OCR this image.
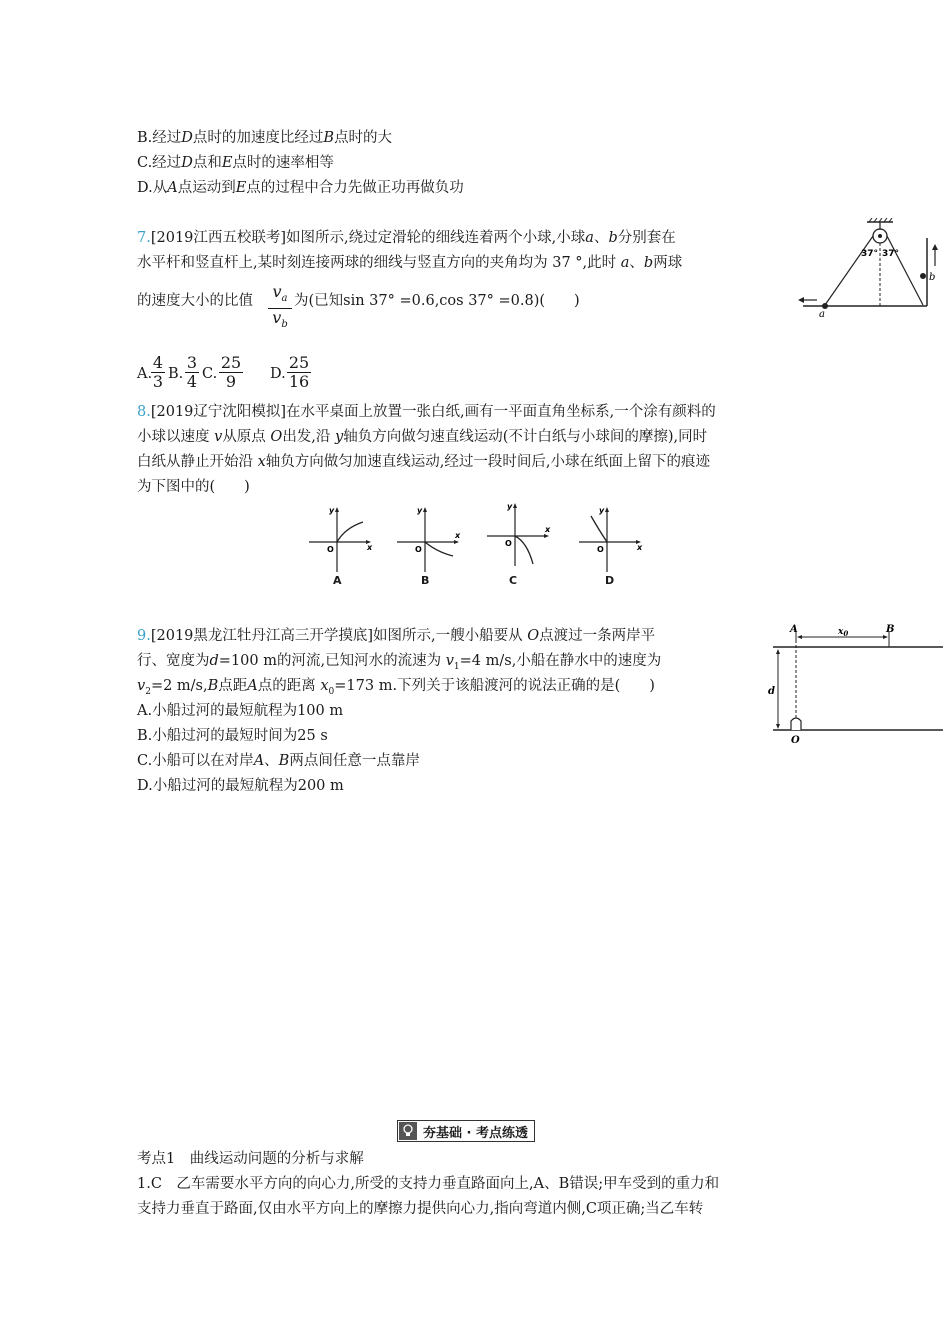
B.经过D点时的加速度比经过B点时的大
C.经过D点和E点时的速率相等
D.从A点运动到E点的过程中合力先做正功再做负功
7.[2019江西五校联考]如图所示,绕过定滑轮的细线连着两个小球,小球a、b分别套在
水平杆和竖直杆上,某时刻连接两球的细线与竖直方向的夹角均为 37 °,此时 a、b两球
的速度大小的比值 $\frac{v_a}{v_b}$ 为(已知sin 37° =0.6,cos 37° =0.8)(　　)
A.
$\frac{4}{3} B$. $\frac{3}{4} C$. $\frac{25}{9} D$. $\frac{25}{16}$
37° 37°
a
b
8.[2019辽宁沈阳模拟]在水平桌面上放置一张白纸,画有一平面直角坐标系,一个涂有颜料的
小球以速度 v从原点 O出发,沿 y轴负方向做匀速直线运动(不计白纸与小球间的摩擦),同时
白纸从静止开始沿 x轴负方向做匀加速直线运动,经过一段时间后,小球在纸面上留下的痕迹
为下图中的(　　)
O	x
y
O
x
y
O
x
y
O	x
y
A	B	C	D
9.[2019黑龙江牡丹江高三开学摸底]如图所示,一艘小船要从 O点渡过一条两岸平
行、宽度为d=100 m的河流,已知河水的流速为 $v_1=4$ m/s,小船在静水中的速度为
$v_2=2$ m/s,B点距A点的距离 $x_0=173$ m.下列关于该船渡河的说法正确的是(　　)
A.小船过河的最短航程为100 m
B.小船过河的最短时间为25 s
C.小船可以在对岸A、B两点间任意一点靠岸
D.小船过河的最短航程为200 m
A	B
$x_0$
d
O
夯基础 · 考点练透
考点1　曲线运动问题的分析与求解
1.C　乙车需要水平方向的向心力,所受的支持力垂直路面向上,A、B错误;甲车受到的重力和
支持力垂直于路面,仅由水平方向上的摩擦力提供向心力,指向弯道内侧,C项正确;当乙车转
